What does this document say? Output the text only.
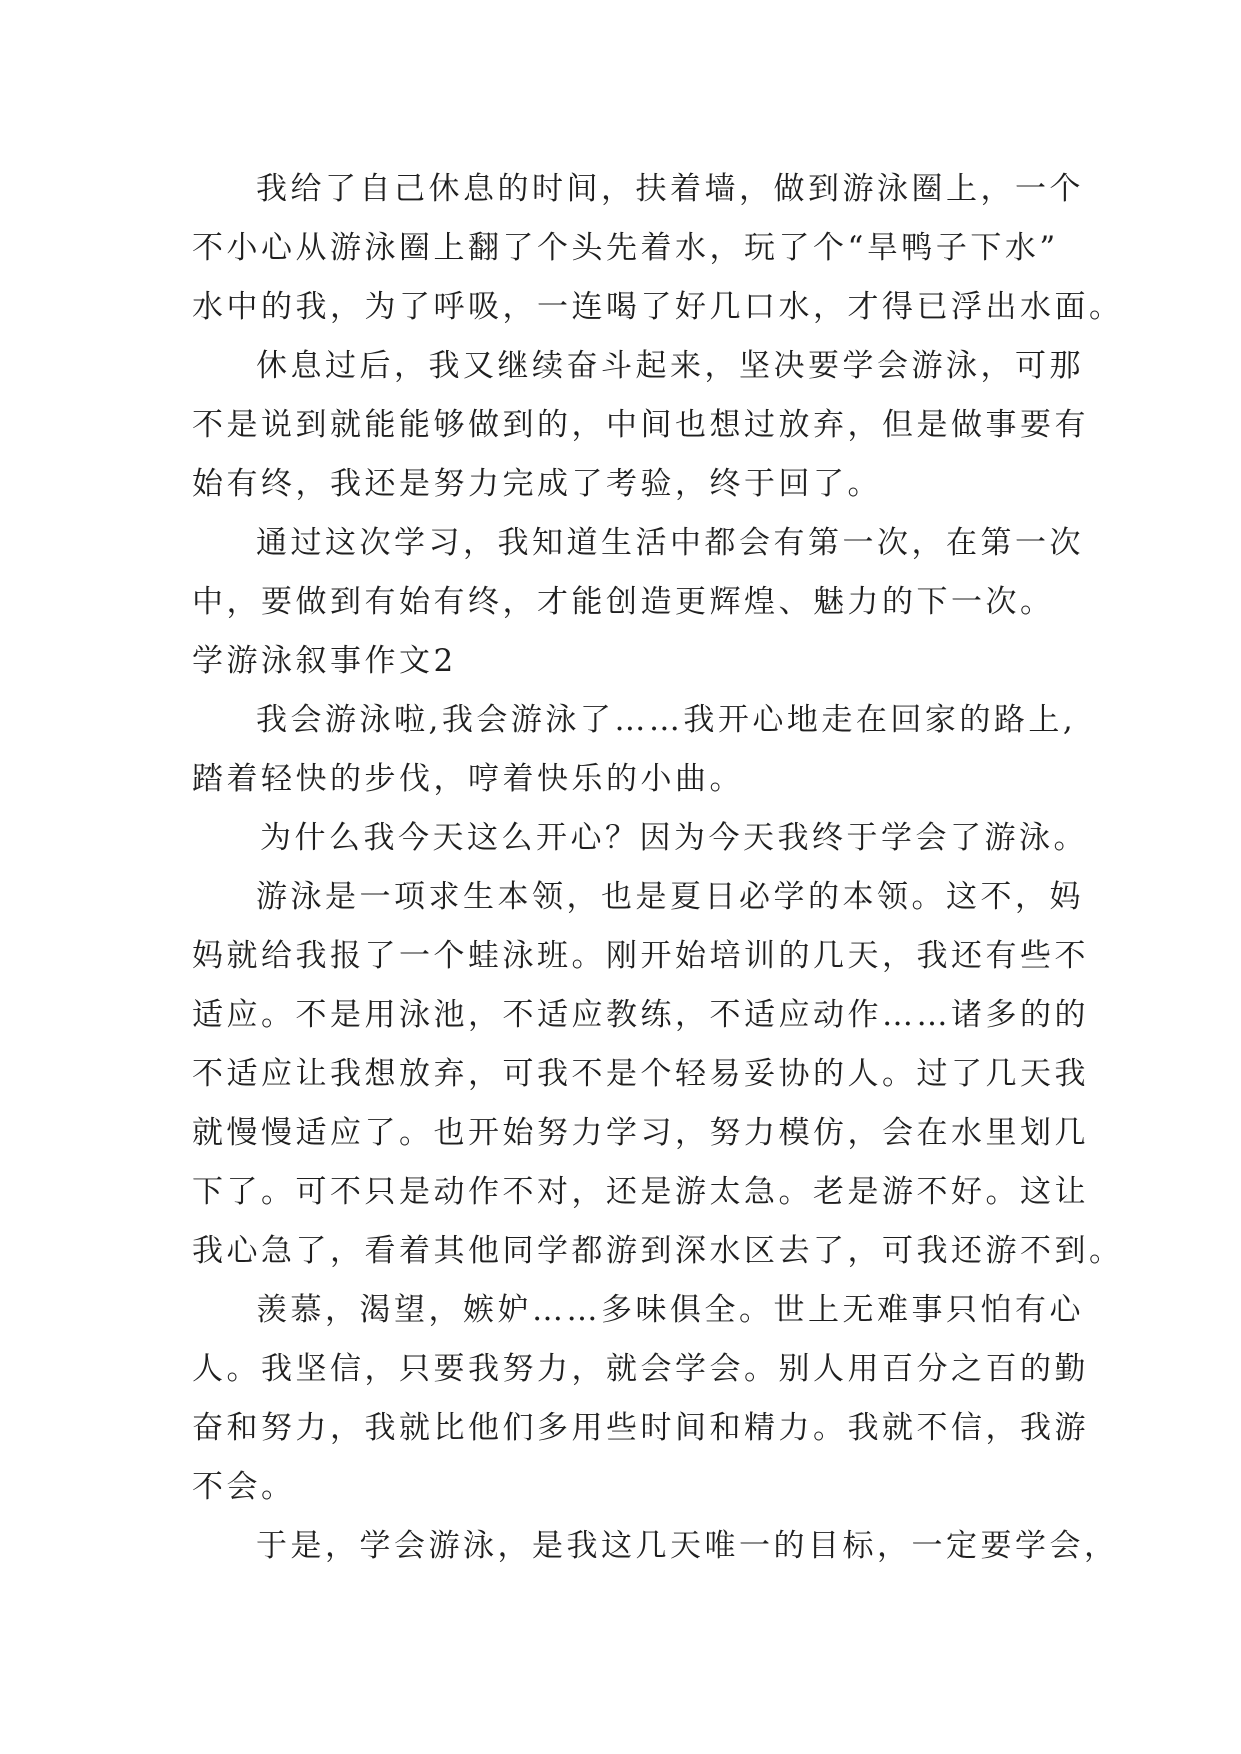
我给了自己休息的时间，扶着墙，做到游泳圈上，一个
不小心从游泳圈上翻了个头先着水，玩了个“旱鸭子下水”
水中的我，为了呼吸，一连喝了好几口水，才得已浮出水面。
休息过后，我又继续奋斗起来，坚决要学会游泳，可那
不是说到就能能够做到的，中间也想过放弃，但是做事要有
始有终，我还是努力完成了考验，终于回了。
通过这次学习，我知道生活中都会有第一次，在第一次
中，要做到有始有终，才能创造更辉煌、魅力的下一次。
学游泳叙事作文2
我会游泳啦,我会游泳了……我开心地走在回家的路上,
踏着轻快的步伐，哼着快乐的小曲。
为什么我今天这么开心？因为今天我终于学会了游泳。
游泳是一项求生本领，也是夏日必学的本领。这不，妈
妈就给我报了一个蛙泳班。刚开始培训的几天，我还有些不
适应。不是用泳池，不适应教练，不适应动作……诸多的的
不适应让我想放弃，可我不是个轻易妥协的人。过了几天我
就慢慢适应了。也开始努力学习，努力模仿，会在水里划几
下了。可不只是动作不对，还是游太急。老是游不好。这让
我心急了，看着其他同学都游到深水区去了，可我还游不到。
羡慕，渴望，嫉妒……多味俱全。世上无难事只怕有心
人。我坚信，只要我努力，就会学会。别人用百分之百的勤
奋和努力，我就比他们多用些时间和精力。我就不信，我游
不会。
于是，学会游泳，是我这几天唯一的目标，一定要学会，
